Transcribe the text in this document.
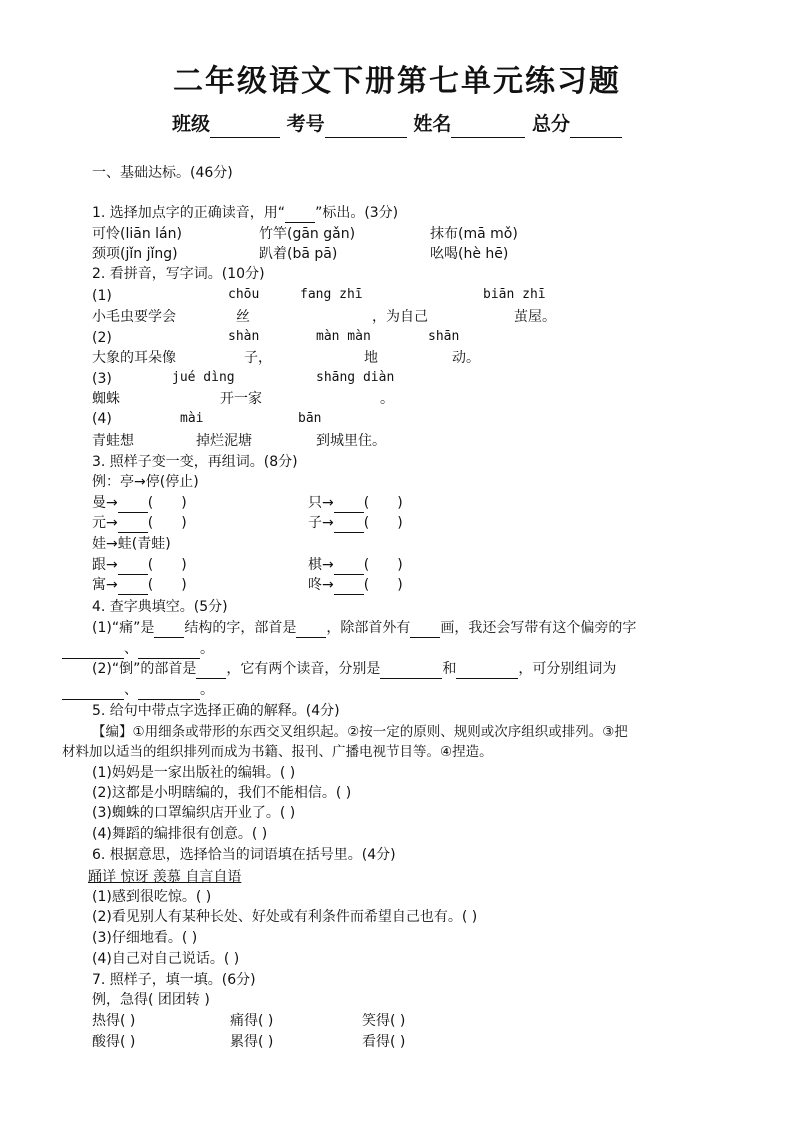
二年级语文下册第七单元练习题
班级	考号	姓名	总分
一、基础达标。(46分)
1. 选择加点字的正确读音，用“ ”标出。(3分)
可怜(liān lán)	竹竿(gān gǎn)	抹布(mā mǒ)
颈项(jǐn jǐng)	趴着(bā pā)	吆喝(hè hē)
2. 看拼音，写字词。(10分)
(1)	chōu	fang zhī	biān zhī
小毛虫要学会	丝	，为自己	茧屋。
(2)	shàn	màn màn	shān
大象的耳朵像	子，	地	动。
(3)	jué dìng	shāng diàn
蜘蛛	开一家	。
(4)	mài	bān
青蛙想	掉烂泥塘	到城里住。
3. 照样子变一变，再组词。(8分)
例：亭→停(停止)
曼→ ( )	只→ ( )
元→ ( )	子→ ( )
娃→蛙(青蛙)
跟→ ( )	棋→ ( )
寓→ ( )	咚→ ( )
4. 查字典填空。(5分)
(1)“痛”是 结构的字，部首是 ，除部首外有 画，我还会写带有这个偏旁的字
、	。
(2)“倒”的部首是 ，它有两个读音，分别是	和	，可分别组词为
、	。
5. 给句中带点字选择正确的解释。(4分)
【编】①用细条或带形的东西交叉组织起。②按一定的原则、规则或次序组织或排列。③把
材料加以适当的组织排列而成为书籍、报刊、广播电视节目等。④捏造。
(1)妈妈是一家出版社的编辑。( )
(2)这都是小明瞎编的，我们不能相信。( )
(3)蜘蛛的口罩编织店开业了。( )
(4)舞蹈的编排很有创意。( )
6. 根据意思，选择恰当的词语填在括号里。(4分)
踊详 惊讶 羡慕 自言自语
(1)感到很吃惊。( )
(2)看见别人有某种长处、好处或有利条件而希望自己也有。( )
(3)仔细地看。( )
(4)自己对自己说话。( )
7. 照样子，填一填。(6分)
例，急得( 团团转 )
热得( )	痛得( )	笑得( )
酸得( )	累得( )	看得( )
